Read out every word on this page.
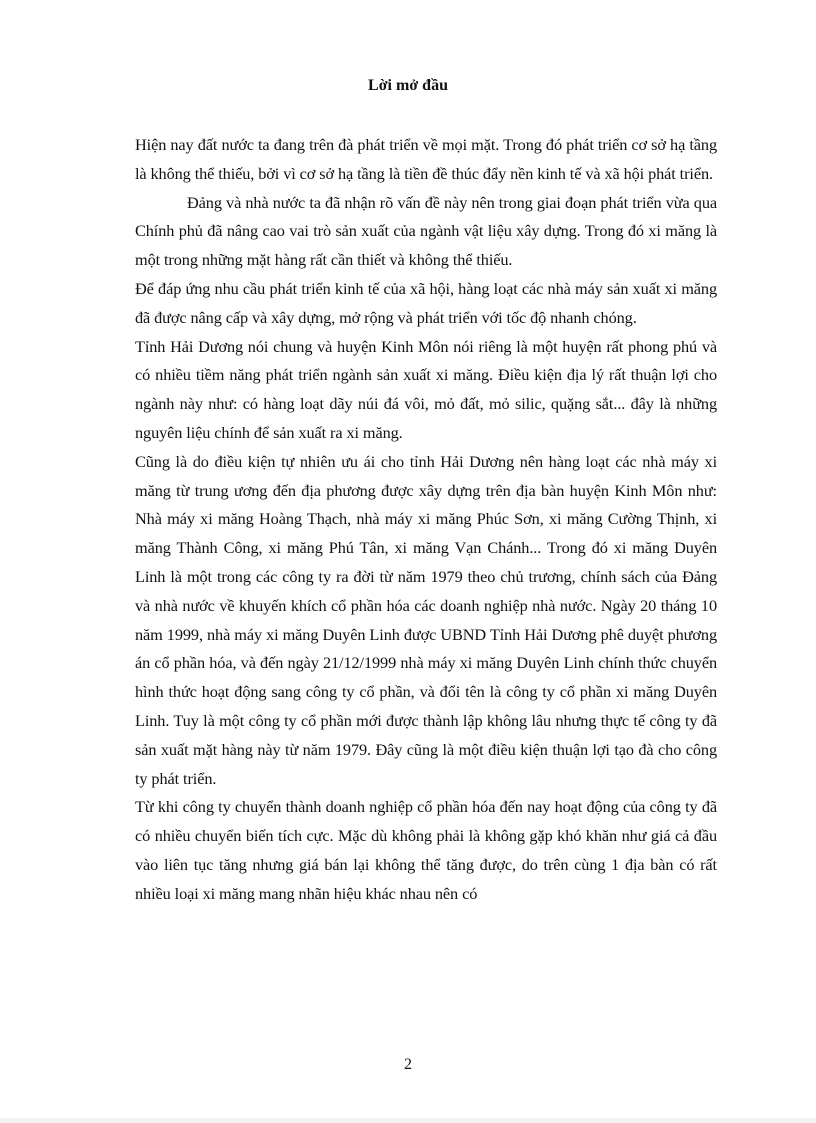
Lời mở đầu

Hiện nay đất nước ta đang trên đà phát triển về mọi mặt. Trong đó phát triển cơ sở hạ tầng là không thể thiếu, bởi vì cơ sở hạ tầng là tiền đề thúc đẩy nền kinh tế và xã hội phát triển.

Đảng và nhà nước ta đã nhận rõ vấn đề này nên trong giai đoạn phát triển vừa qua Chính phủ đã nâng cao vai trò sản xuất của ngành vật liệu xây dựng. Trong đó xi măng là một trong những mặt hàng rất cần thiết và không thể thiếu.

Để đáp ứng nhu cầu phát triển kinh tế của xã hội, hàng loạt các nhà máy sản xuất xi măng đã được nâng cấp và xây dựng, mở rộng và phát triển với tốc độ nhanh chóng.

Tỉnh Hải Dương nói chung và huyện Kinh Môn nói riêng là một huyện rất phong phú và có nhiều tiềm năng phát triển ngành sản xuất xi măng. Điều kiện địa lý rất thuận lợi cho ngành này như: có hàng loạt dãy núi đá vôi, mỏ đất, mỏ silic, quặng sắt... đây là những nguyên liệu chính để sản xuất ra xi măng.

Cũng là do điều kiện tự nhiên ưu ái cho tỉnh Hải Dương nên hàng loạt các nhà máy xi măng từ trung ương đến địa phương được xây dựng trên địa bàn huyện Kinh Môn như: Nhà máy xi măng Hoàng Thạch, nhà máy xi măng Phúc Sơn, xi măng Cường Thịnh, xi măng Thành Công, xi măng Phú Tân, xi măng Vạn Chánh... Trong đó xi măng Duyên Linh là một trong các công ty ra đời từ năm 1979 theo chủ trương, chính sách của Đảng và nhà nước về khuyến khích cổ phần hóa các doanh nghiệp nhà nước. Ngày 20 tháng 10 năm 1999, nhà máy xi măng Duyên Linh được UBND Tỉnh Hải Dương phê duyệt phương án cổ phần hóa, và đến ngày 21/12/1999 nhà máy xi măng Duyên Linh chính thức chuyển hình thức hoạt động sang công ty cổ phần, và đổi tên là công ty cổ phần xi măng Duyên Linh. Tuy là một công ty cổ phần mới được thành lập không lâu nhưng thực tế công ty đã sản xuất mặt hàng này từ năm 1979. Đây cũng là một điều kiện thuận lợi tạo đà cho công ty phát triển.

Từ khi công ty chuyển thành doanh nghiệp cổ phần hóa đến nay hoạt động của công ty đã có nhiều chuyển biến tích cực. Mặc dù không phải là không gặp khó khăn như giá cả đầu vào liên tục tăng nhưng giá bán lại không thể tăng được, do trên cùng 1 địa bàn có rất nhiều loại xi măng mang nhãn hiệu khác nhau nên có

2
